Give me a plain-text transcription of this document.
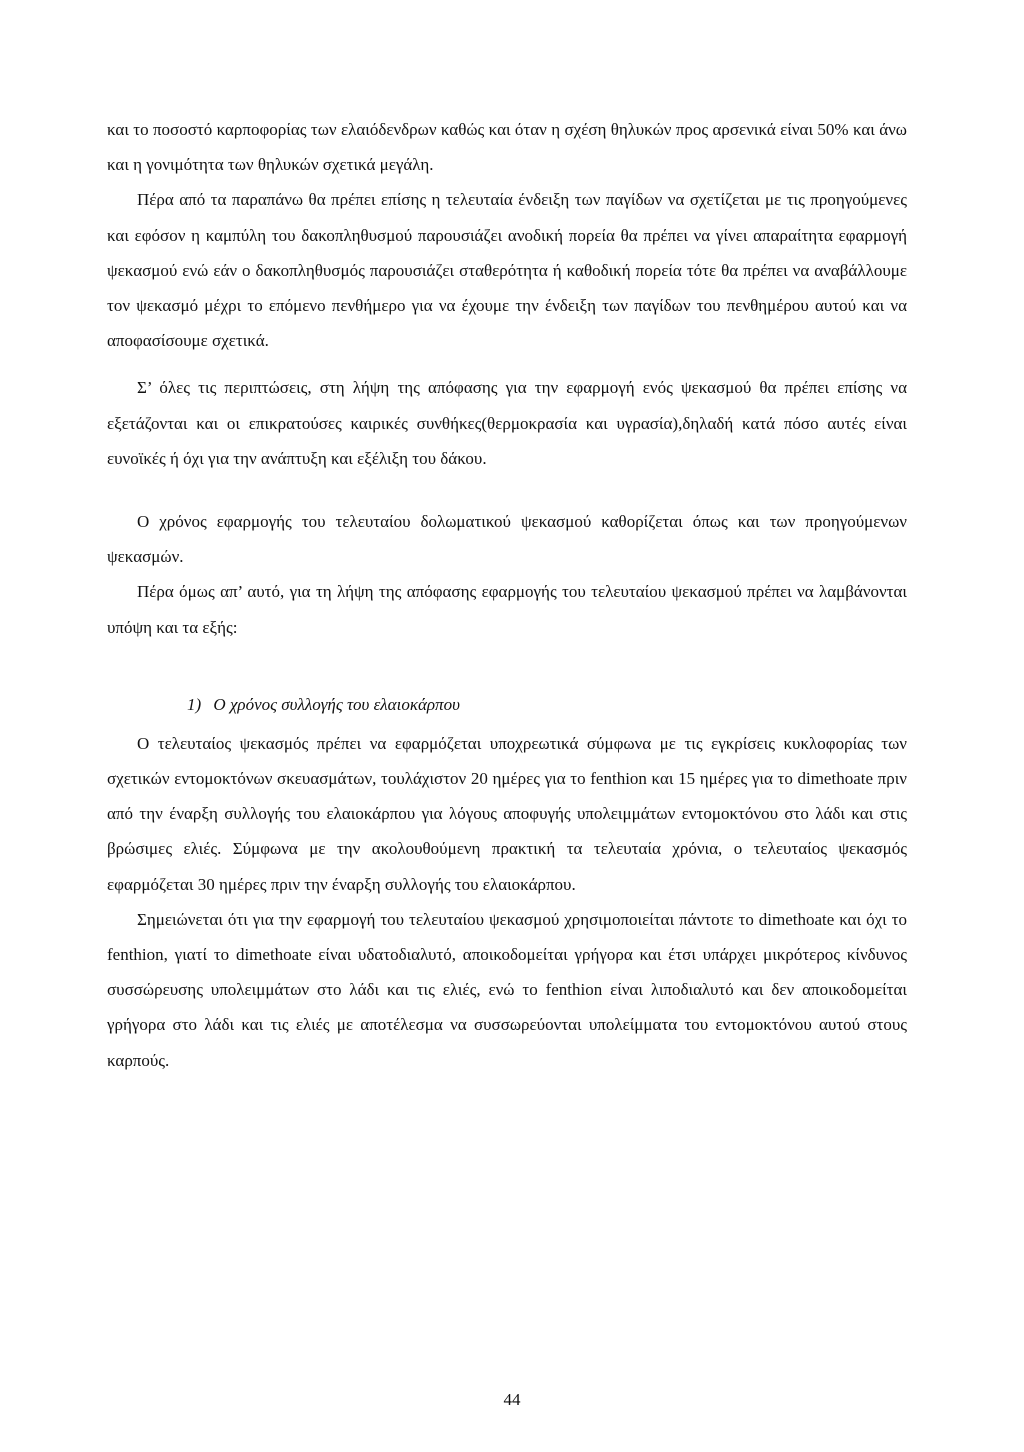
και το ποσοστό καρποφορίας των ελαιόδενδρων καθώς και όταν η σχέση θηλυκών προς αρσενικά είναι 50% και άνω και η γονιμότητα των θηλυκών σχετικά μεγάλη.

Πέρα από τα παραπάνω θα πρέπει επίσης η τελευταία ένδειξη των παγίδων να σχετίζεται με τις προηγούμενες και εφόσον η καμπύλη του δακοπληθυσμού παρουσιάζει ανοδική πορεία θα πρέπει να γίνει απαραίτητα εφαρμογή ψεκασμού ενώ εάν ο δακοπληθυσμός παρουσιάζει σταθερότητα ή καθοδική πορεία τότε θα πρέπει να αναβάλλουμε τον ψεκασμό μέχρι το επόμενο πενθήμερο για να έχουμε την ένδειξη των παγίδων του πενθημέρου αυτού και να αποφασίσουμε σχετικά.

Σ’ όλες τις περιπτώσεις, στη λήψη της απόφασης για την εφαρμογή ενός ψεκασμού θα πρέπει επίσης να εξετάζονται και οι επικρατούσες καιρικές συνθήκες(θερμοκρασία και υγρασία),δηλαδή κατά πόσο αυτές είναι ευνοϊκές ή όχι για την ανάπτυξη και εξέλιξη του δάκου.

Ο χρόνος εφαρμογής του τελευταίου δολωματικού ψεκασμού καθορίζεται όπως και των προηγούμενων ψεκασμών.

Πέρα όμως απ’ αυτό, για τη λήψη της απόφασης εφαρμογής του τελευταίου ψεκασμού πρέπει να λαμβάνονται υπόψη και τα εξής:

1) Ο χρόνος συλλογής του ελαιοκάρπου

Ο τελευταίος ψεκασμός πρέπει να εφαρμόζεται υποχρεωτικά σύμφωνα με τις εγκρίσεις κυκλοφορίας των σχετικών εντομοκτόνων σκευασμάτων, τουλάχιστον 20 ημέρες για το fenthion και 15 ημέρες για το dimethoate πριν από την έναρξη συλλογής του ελαιοκάρπου για λόγους αποφυγής υπολειμμάτων εντομοκτόνου στο λάδι και στις βρώσιμες ελιές. Σύμφωνα με την ακολουθούμενη πρακτική τα τελευταία χρόνια, ο τελευταίος ψεκασμός εφαρμόζεται 30 ημέρες πριν την έναρξη συλλογής του ελαιοκάρπου.

Σημειώνεται ότι για την εφαρμογή του τελευταίου ψεκασμού χρησιμοποιείται πάντοτε το dimethoate και όχι το fenthion, γιατί το dimethoate είναι υδατοδιαλυτό, αποικοδομείται γρήγορα και έτσι υπάρχει μικρότερος κίνδυνος συσσώρευσης υπολειμμάτων στο λάδι και τις ελιές, ενώ το fenthion είναι λιποδιαλυτό και δεν αποικοδομείται γρήγορα στο λάδι και τις ελιές με αποτέλεσμα να συσσωρεύονται υπολείμματα του εντομοκτόνου αυτού στους καρπούς.

44
